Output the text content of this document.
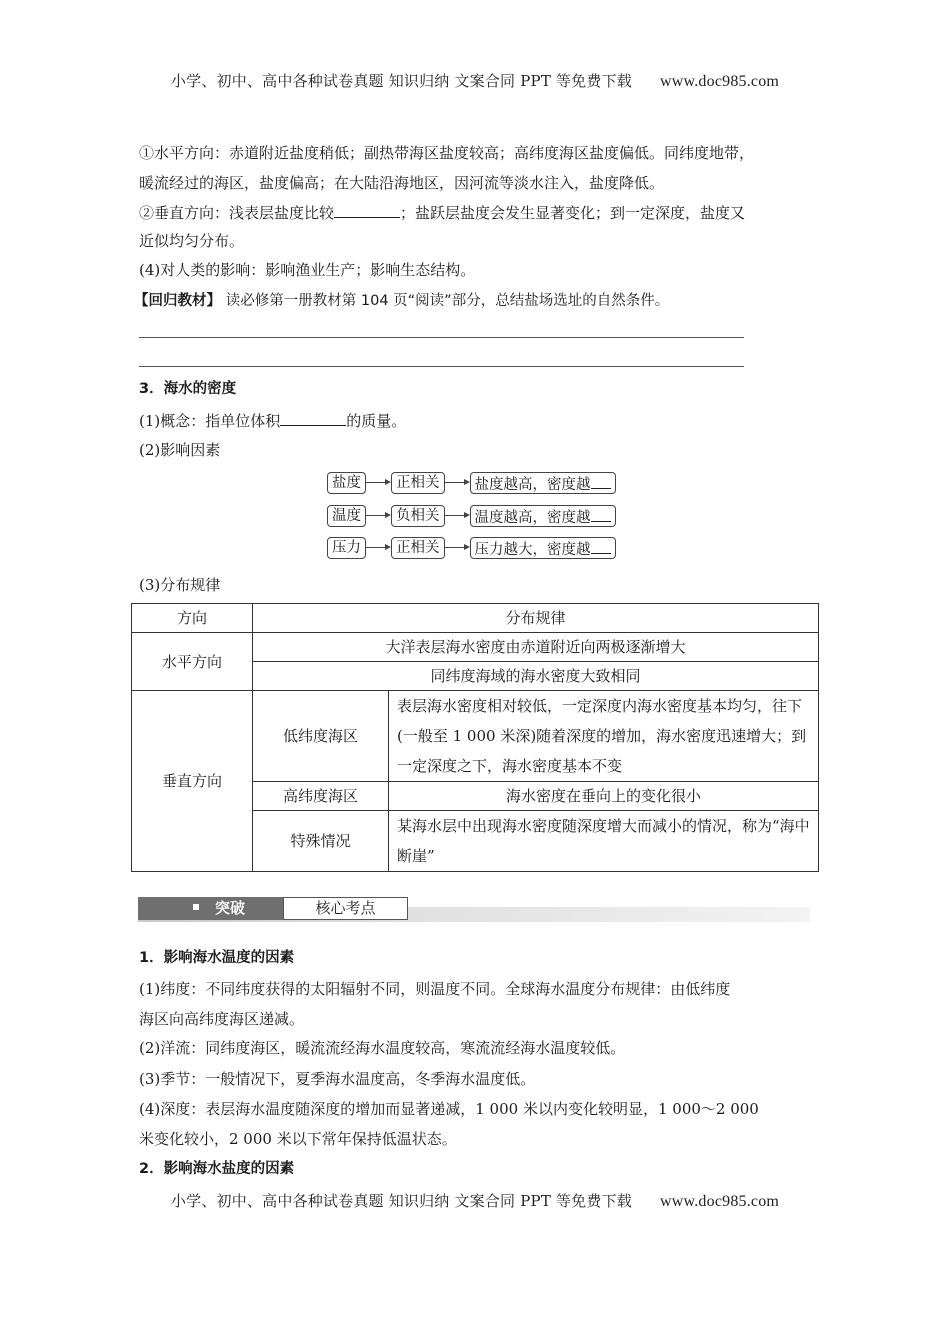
小学、初中、高中各种试卷真题 知识归纳 文案合同 PPT 等免费下载 www.doc985.com
①水平方向：赤道附近盐度稍低；副热带海区盐度较高；高纬度海区盐度偏低。同纬度地带，
暖流经过的海区，盐度偏高；在大陆沿海地区，因河流等淡水注入，盐度降低。
②垂直方向：浅表层盐度比较	；盐跃层盐度会发生显著变化；到一定深度，盐度又
近似均匀分布。
(4)对人类的影响：影响渔业生产；影响生态结构。
【回归教材】 读必修第一册教材第 104 页“阅读”部分，总结盐场选址的自然条件。
3．海水的密度
(1)概念：指单位体积	的质量。
(2)影响因素
盐度	正相关	盐度越高，密度越
温度	负相关	温度越高，密度越
压力	正相关	压力越大，密度越
(3)分布规律
方向	分布规律	
水平方向	大洋表层海水密度由赤道附近向两极逐渐增大	
	同纬度海域的海水密度大致相同	
垂直方向	低纬度海区	表层海水密度相对较低，一定深度内海水密度基本均匀，往下(一般至 1 000 米深)随着深度的增加，海水密度迅速增大；到一定深度之下，海水密度基本不变
	高纬度海区	海水密度在垂向上的变化很小
	特殊情况	某海水层中出现海水密度随深度增大而减小的情况，称为“海中断崖”
突破	核心考点
1．影响海水温度的因素
(1)纬度：不同纬度获得的太阳辐射不同，则温度不同。全球海水温度分布规律：由低纬度
海区向高纬度海区递减。
(2)洋流：同纬度海区，暖流流经海水温度较高，寒流流经海水温度较低。
(3)季节：一般情况下，夏季海水温度高，冬季海水温度低。
(4)深度：表层海水温度随深度的增加而显著递减，1 000 米以内变化较明显，1 000～2 000
米变化较小，2 000 米以下常年保持低温状态。
2．影响海水盐度的因素
小学、初中、高中各种试卷真题 知识归纳 文案合同 PPT 等免费下载 www.doc985.com
